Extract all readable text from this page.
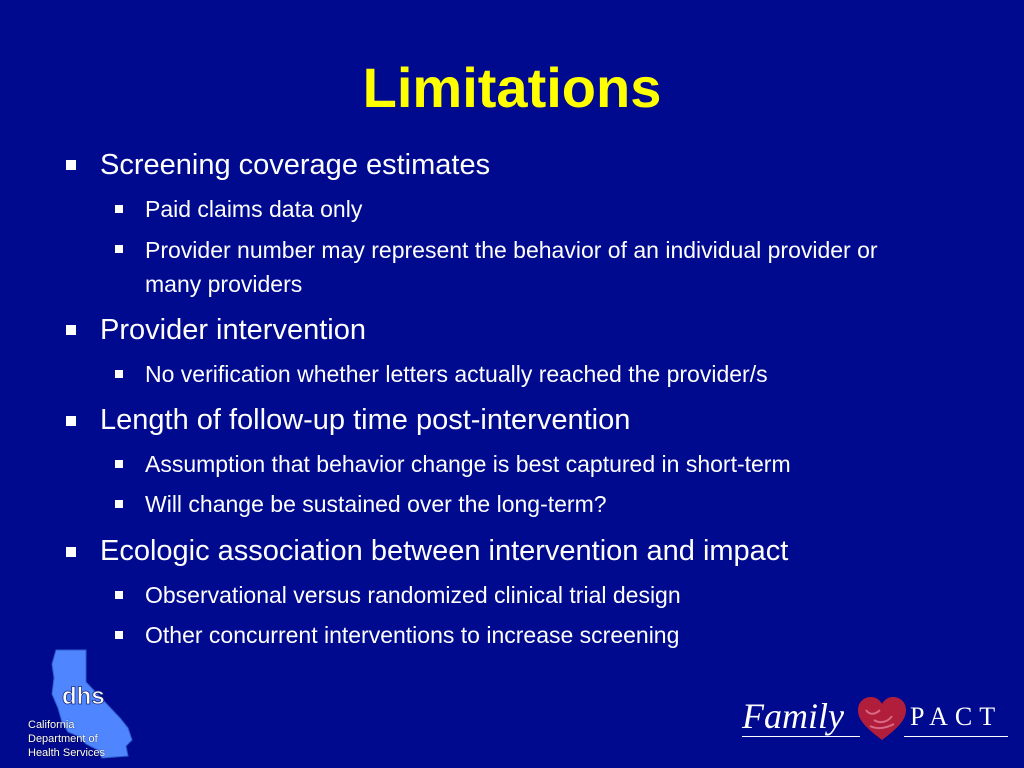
Limitations
Screening coverage estimates
Paid claims data only
Provider number may represent the behavior of an individual provider or many providers
Provider intervention
No verification whether letters actually reached the provider/s
Length of follow-up time post-intervention
Assumption that behavior change is best captured in short-term
Will change be sustained over the long-term?
Ecologic association between intervention and impact
Observational versus randomized clinical trial design
Other concurrent interventions to increase screening
dhs
California
Department of
Health Services
Family	PACT
